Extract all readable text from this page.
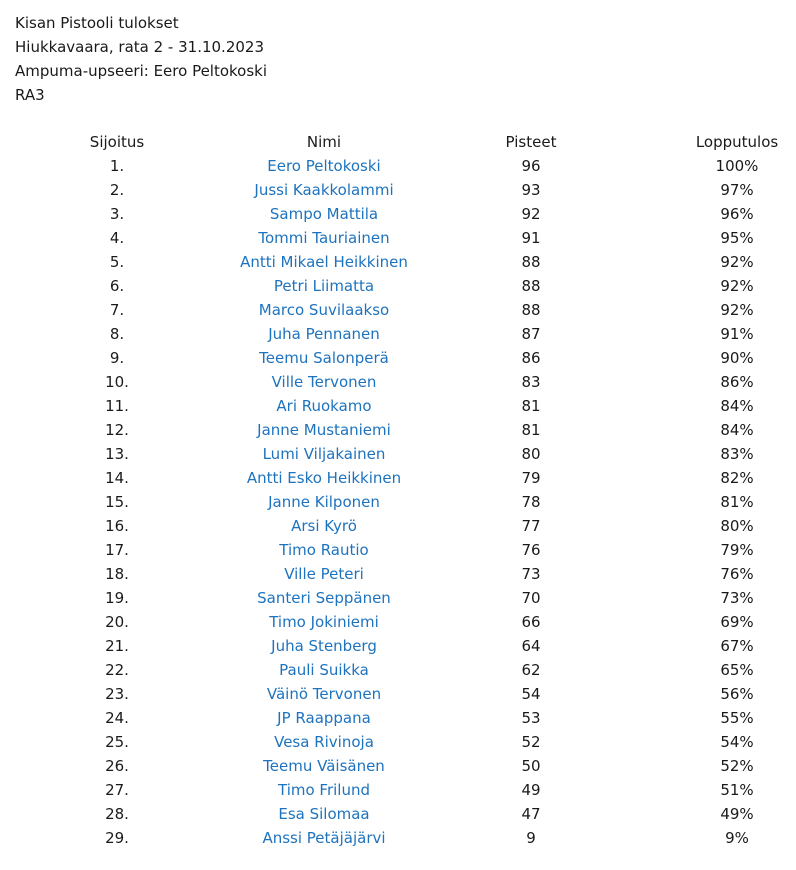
Kisan Pistooli tulokset
Hiukkavaara, rata 2 - 31.10.2023
Ampuma-upseeri: Eero Peltokoski
RA3
Sijoitus	Nimi	Pisteet	Lopputulos
1.	Eero Peltokoski	96	100%
2.	Jussi Kaakkolammi	93	97%
3.	Sampo Mattila	92	96%
4.	Tommi Tauriainen	91	95%
5.	Antti Mikael Heikkinen	88	92%
6.	Petri Liimatta	88	92%
7.	Marco Suvilaakso	88	92%
8.	Juha Pennanen	87	91%
9.	Teemu Salonperä	86	90%
10.	Ville Tervonen	83	86%
11.	Ari Ruokamo	81	84%
12.	Janne Mustaniemi	81	84%
13.	Lumi Viljakainen	80	83%
14.	Antti Esko Heikkinen	79	82%
15.	Janne Kilponen	78	81%
16.	Arsi Kyrö	77	80%
17.	Timo Rautio	76	79%
18.	Ville Peteri	73	76%
19.	Santeri Seppänen	70	73%
20.	Timo Jokiniemi	66	69%
21.	Juha Stenberg	64	67%
22.	Pauli Suikka	62	65%
23.	Väinö Tervonen	54	56%
24.	JP Raappana	53	55%
25.	Vesa Rivinoja	52	54%
26.	Teemu Väisänen	50	52%
27.	Timo Frilund	49	51%
28.	Esa Silomaa	47	49%
29.	Anssi Petäjäjärvi	9	9%
